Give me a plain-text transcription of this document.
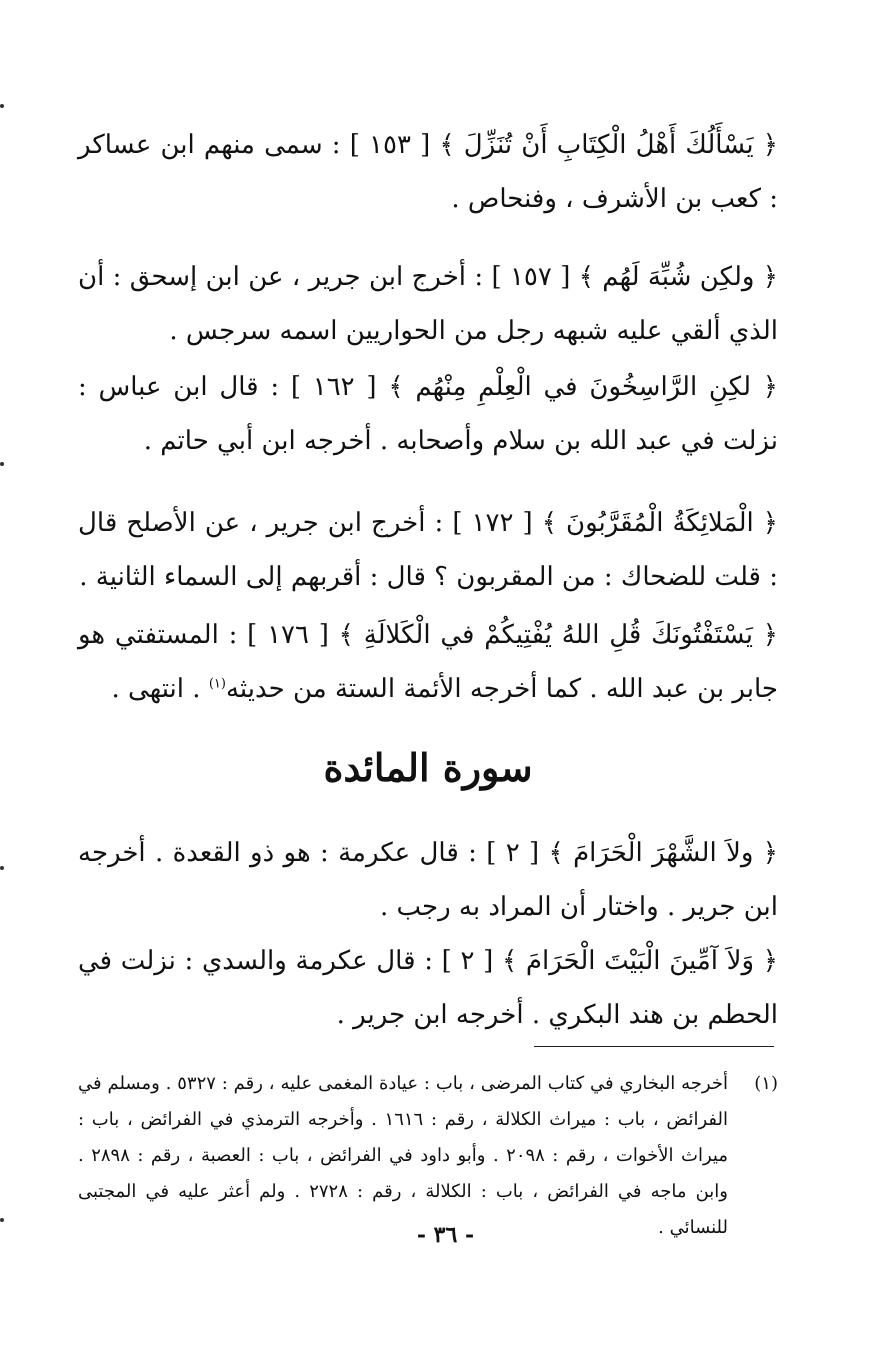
﴿ يَسْأَلُكَ أَهْلُ الْكِتَابِ أَنْ تُنَزِّلَ ﴾ [ ١٥٣ ] : سمى منهم ابن عساكر : كعب بن الأشرف ، وفنحاص .

﴿ ولكِن شُبِّهَ لَهُم ﴾ [ ١٥٧ ] : أخرج ابن جرير ، عن ابن إسحق : أن الذي ألقي عليه شبهه رجل من الحواريين اسمه سرجس .

﴿ لكِنِ الرَّاسِخُونَ في الْعِلْمِ مِنْهُم ﴾ [ ١٦٢ ] : قال ابن عباس : نزلت في عبد الله بن سلام وأصحابه . أخرجه ابن أبي حاتم .

﴿ الْمَلائِكَةُ الْمُقَرَّبُونَ ﴾ [ ١٧٢ ] : أخرج ابن جرير ، عن الأصلح قال : قلت للضحاك : من المقربون ؟ قال : أقربهم إلى السماء الثانية .

﴿ يَسْتَفْتُونَكَ قُلِ اللهُ يُفْتِيكُمْ في الْكَلالَةِ ﴾ [ ١٧٦ ] : المستفتي هو جابر بن عبد الله . كما أخرجه الأئمة الستة من حديثه$^{(١)}$ . انتهى .

سورة المائدة

﴿ ولاَ الشَّهْرَ الْحَرَامَ ﴾ [ ٢ ] : قال عكرمة : هو ذو القعدة . أخرجه ابن جرير . واختار أن المراد به رجب .

﴿ وَلاَ آمِّينَ الْبَيْتَ الْحَرَامَ ﴾ [ ٢ ] : قال عكرمة والسدي : نزلت في الحطم بن هند البكري . أخرجه ابن جرير .

(١)
أخرجه البخاري في كتاب المرضى ، باب : عيادة المغمى عليه ، رقم : ٥٣٢٧ . ومسلم في الفرائض ، باب : ميراث الكلالة ، رقم : ١٦١٦ . وأخرجه الترمذي في الفرائض ، باب : ميراث الأخوات ، رقم : ٢٠٩٨ . وأبو داود في الفرائض ، باب : العصبة ، رقم : ٢٨٩٨ . وابن ماجه في الفرائض ، باب : الكلالة ، رقم : ٢٧٢٨ . ولم أعثر عليه في المجتبى للنسائي .
- ٣٦ -
